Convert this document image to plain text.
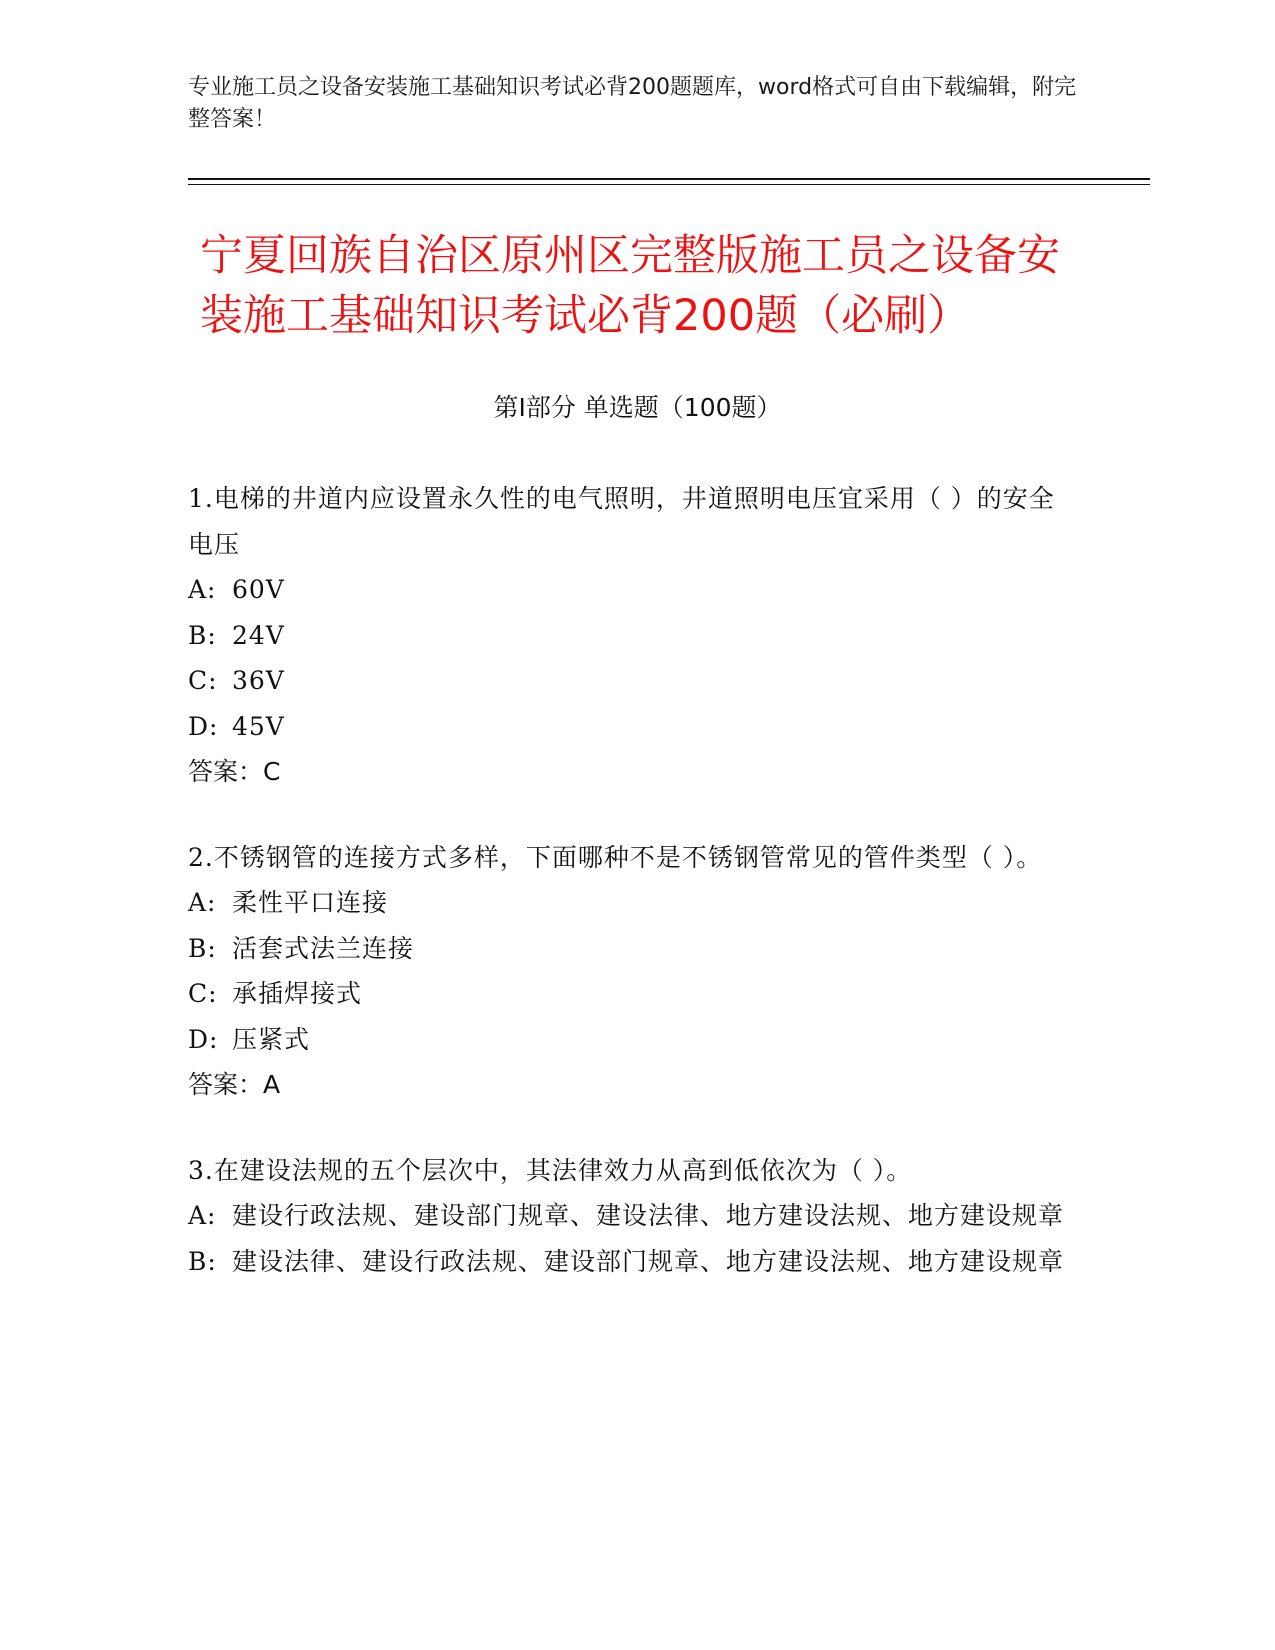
专业施工员之设备安装施工基础知识考试必背200题题库，word格式可自由下载编辑，附完整答案！

宁夏回族自治区原州区完整版施工员之设备安装施工基础知识考试必背200题（必刷）
第Ⅰ部分 单选题（100题）

1.电梯的井道内应设置永久性的电气照明，井道照明电压宜采用（ ）的安全电压

A: 60V

B: 24V

C: 36V

D: 45V

答案：C

2.不锈钢管的连接方式多样，下面哪种不是不锈钢管常见的管件类型（ ）。

A: 柔性平口连接

B: 活套式法兰连接

C: 承插焊接式

D: 压紧式

答案：A

3.在建设法规的五个层次中，其法律效力从高到低依次为（ ）。

A: 建设行政法规、建设部门规章、建设法律、地方建设法规、地方建设规章

B: 建设法律、建设行政法规、建设部门规章、地方建设法规、地方建设规章
